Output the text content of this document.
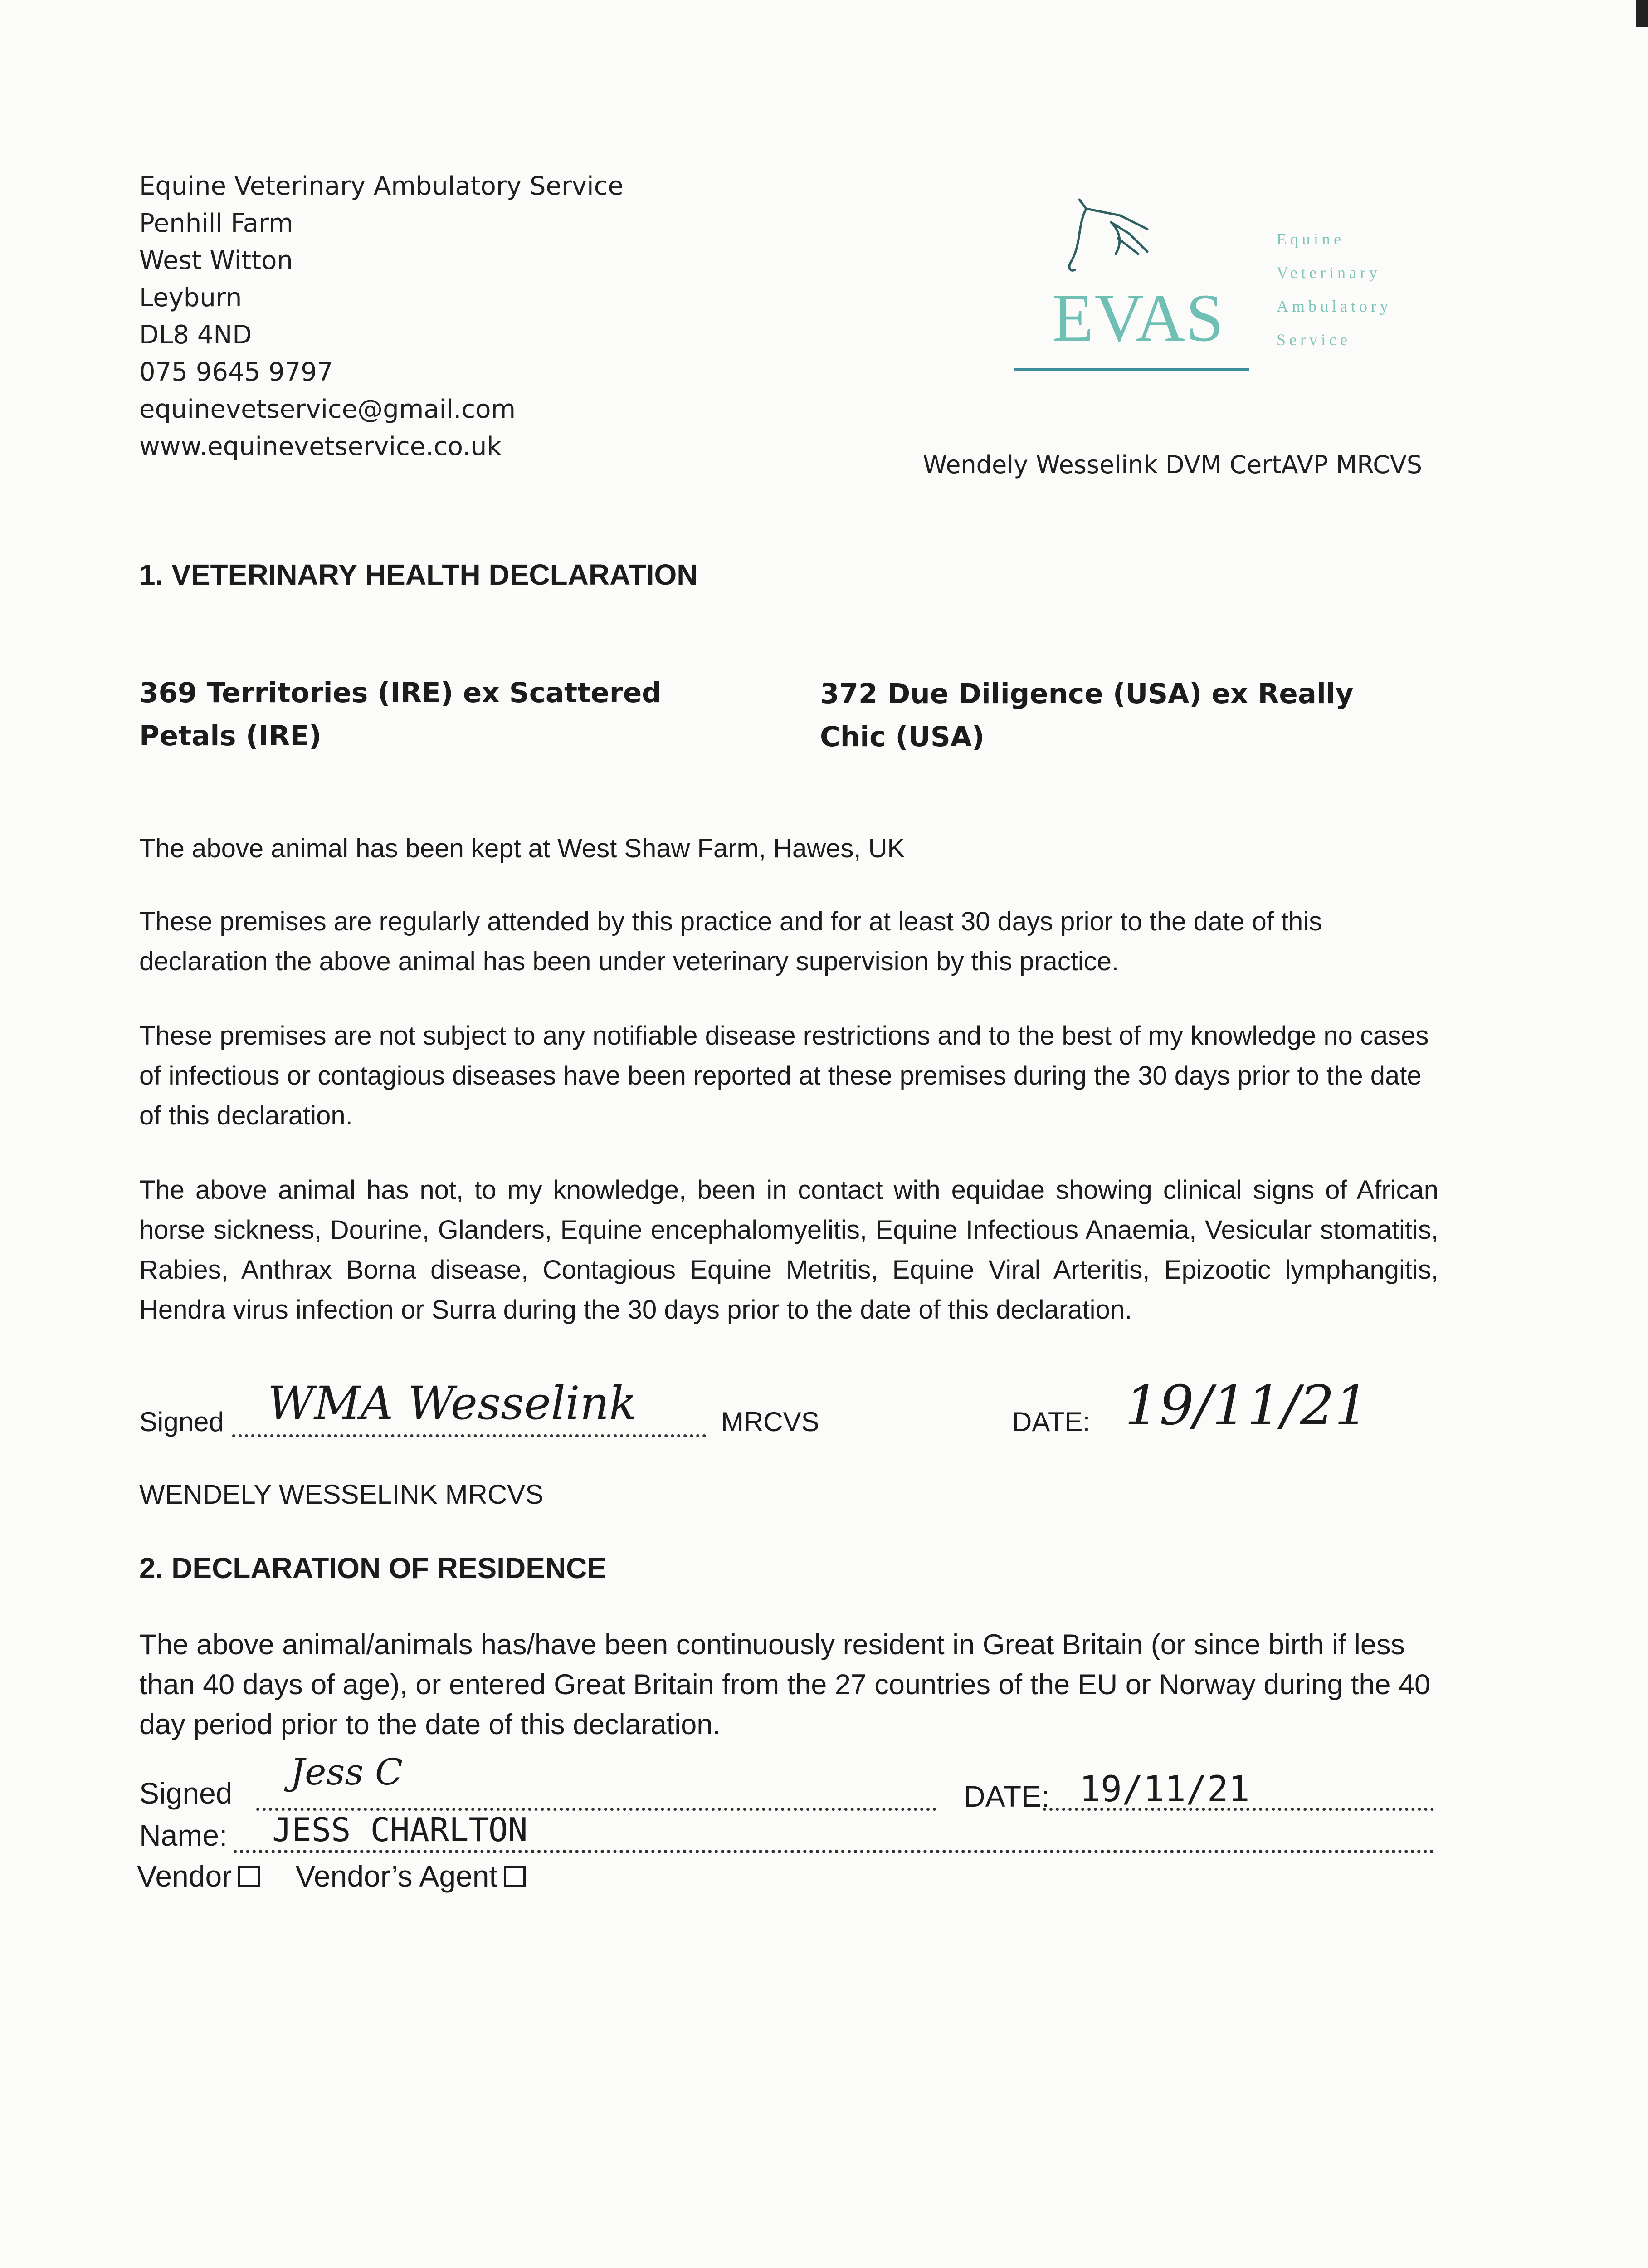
Equine Veterinary Ambulatory Service
Penhill Farm
West Witton
Leyburn
DL8 4ND
075 9645 9797
equinevetservice@gmail.com
www.equinevetservice.co.uk
EVAS
Equine
Veterinary
Ambulatory
Service
Wendely Wesselink DVM CertAVP MRCVS
1. VETERINARY HEALTH DECLARATION
369 Territories (IRE) ex Scattered Petals (IRE)
372 Due Diligence (USA) ex Really Chic (USA)
The above animal has been kept at West Shaw Farm, Hawes, UK
These premises are regularly attended by this practice and for at least 30 days prior to the date of this declaration the above animal has been under veterinary supervision by this practice.
These premises are not subject to any notifiable disease restrictions and to the best of my knowledge no cases of infectious or contagious diseases have been reported at these premises during the 30 days prior to the date of this declaration.
The above animal has not, to my knowledge, been in contact with equidae showing clinical signs of African horse sickness, Dourine, Glanders, Equine encephalomyelitis, Equine Infectious Anaemia, Vesicular stomatitis, Rabies, Anthrax Borna disease, Contagious Equine Metritis, Equine Viral Arteritis, Epizootic lymphangitis, Hendra virus infection or Surra during the 30 days prior to the date of this declaration.
Signed WMA Wesselink	MRCVS	DATE: 19/11/21
WENDELY WESSELINK MRCVS
2. DECLARATION OF RESIDENCE
The above animal/animals has/have been continuously resident in Great Britain (or since birth if less than 40 days of age), or entered Great Britain from the 27 countries of the EU or Norway during the 40 day period prior to the date of this declaration.
Signed Jess C
DATE: 19/11/21
Name: JESS CHARLTON
Vendor Vendor’s Agent
